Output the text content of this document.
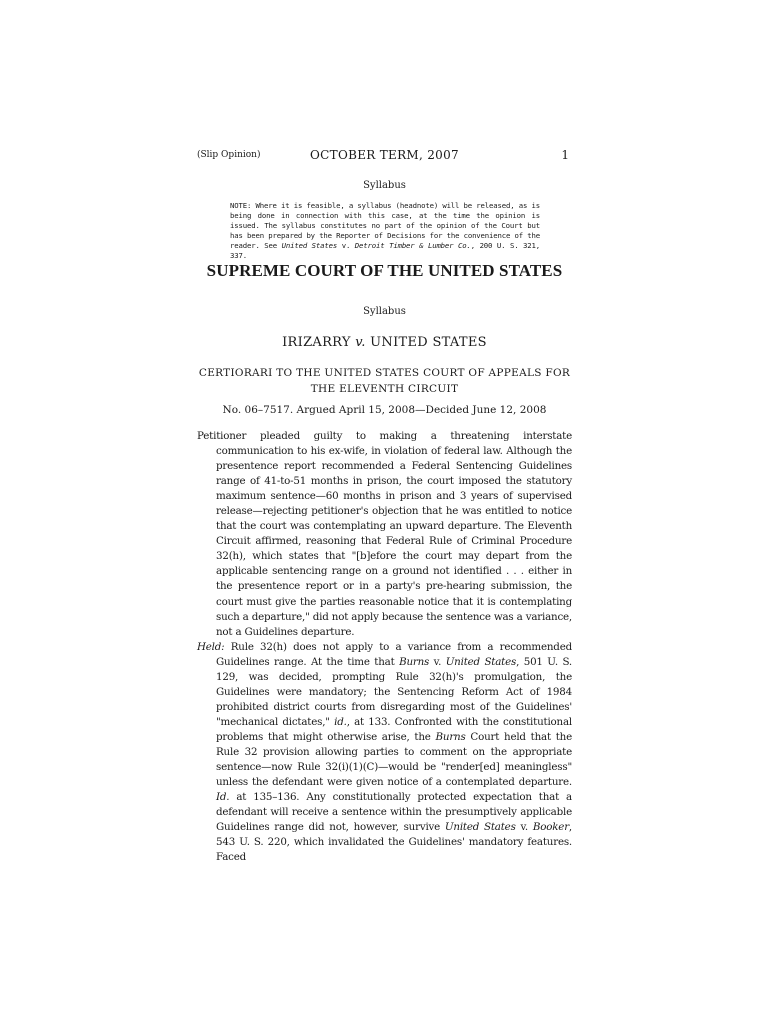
(Slip Opinion)	OCTOBER TERM, 2007	1
Syllabus
NOTE: Where it is feasible, a syllabus (headnote) will be released, as is being done in connection with this case, at the time the opinion is issued. The syllabus constitutes no part of the opinion of the Court but has been prepared by the Reporter of Decisions for the convenience of the reader. See United States v. Detroit Timber & Lumber Co., 200 U. S. 321, 337.
SUPREME COURT OF THE UNITED STATES
Syllabus
IRIZARRY v. UNITED STATES
CERTIORARI TO THE UNITED STATES COURT OF APPEALS FOR
THE ELEVENTH CIRCUIT
No. 06–7517. Argued April 15, 2008—Decided June 12, 2008

Petitioner pleaded guilty to making a threatening interstate communication to his ex-wife, in violation of federal law. Although the presentence report recommended a Federal Sentencing Guidelines range of 41-to-51 months in prison, the court imposed the statutory maximum sentence—60 months in prison and 3 years of supervised release—rejecting petitioner's objection that he was entitled to notice that the court was contemplating an upward departure. The Eleventh Circuit affirmed, reasoning that Federal Rule of Criminal Procedure 32(h), which states that "[b]efore the court may depart from the applicable sentencing range on a ground not identified . . . either in the presentence report or in a party's pre-hearing submission, the court must give the parties reasonable notice that it is contemplating such a departure," did not apply because the sentence was a variance, not a Guidelines departure.

Held: Rule 32(h) does not apply to a variance from a recommended Guidelines range. At the time that Burns v. United States, 501 U. S. 129, was decided, prompting Rule 32(h)'s promulgation, the Guidelines were mandatory; the Sentencing Reform Act of 1984 prohibited district courts from disregarding most of the Guidelines' "mechanical dictates," id., at 133. Confronted with the constitutional problems that might otherwise arise, the Burns Court held that the Rule 32 provision allowing parties to comment on the appropriate sentence—now Rule 32(i)(1)(C)—would be "render[ed] meaningless" unless the defendant were given notice of a contemplated departure. Id. at 135–136. Any constitutionally protected expectation that a defendant will receive a sentence within the presumptively applicable Guidelines range did not, however, survive United States v. Booker, 543 U. S. 220, which invalidated the Guidelines' mandatory features. Faced
